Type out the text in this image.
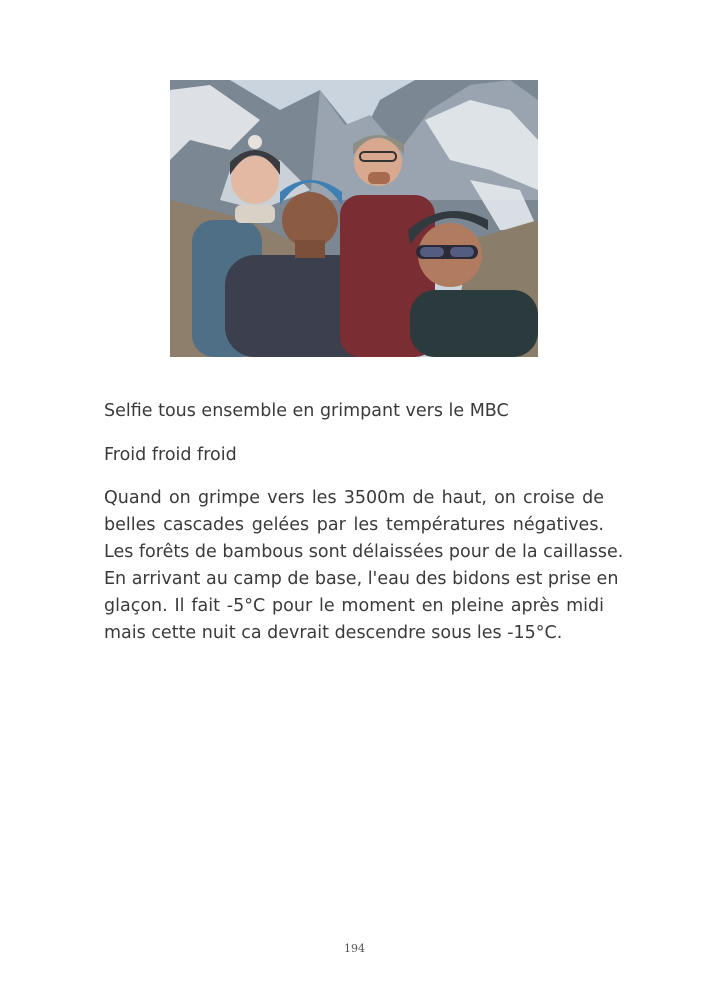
Selfie tous ensemble en grimpant vers le MBC

Froid froid froid

Quand on grimpe vers les 3500m de haut, on croise de
belles cascades gelées par les températures négatives.
Les forêts de bambous sont délaissées pour de la caillasse.
En arrivant au camp de base, l'eau des bidons est prise en
glaçon. Il fait -5°C pour le moment en pleine après midi
mais cette nuit ca devrait descendre sous les -15°C.
194
